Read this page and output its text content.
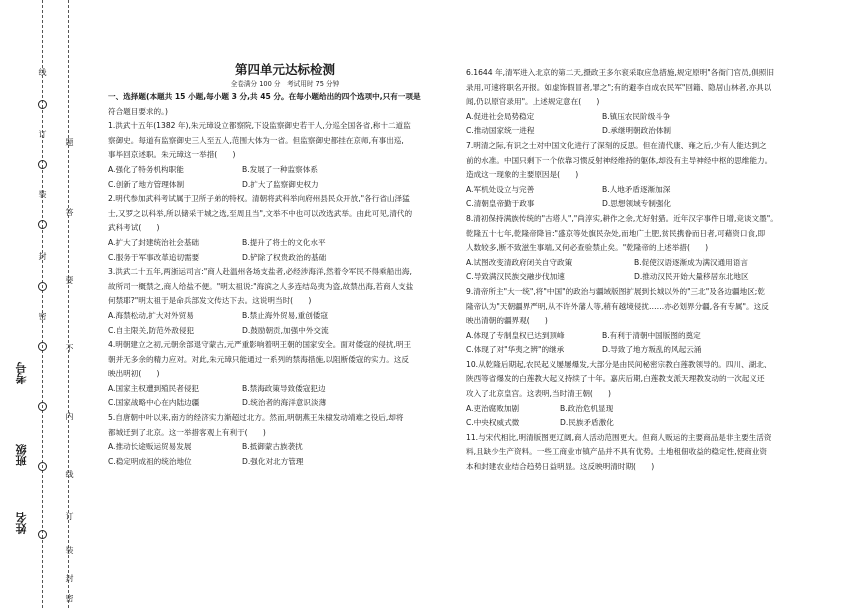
线
订
装
封
密
题
答
要
不
内
线
订
装
封
密
考号
班级
姓名

第四单元达标检测

全卷满分 100 分　考试用时 75 分钟

一、选择题(本题共 15 小题,每小题 3 分,共 45 分。在每小题给出的四个选项中,只有一项是

符合题目要求的。)

1.洪武十五年(1382 年),朱元璋设立都察院,下设监察御史若干人,分巡全国各省,称十二道监

察御史。每道有监察御史三人至五人,范围大体为一省。但监察御史都挂在京师,有事出巡,

事毕回京述职。朱元璋这一举措(　　)

A.强化了特务机构职能	B.发展了一种监察体系
C.创新了地方管理体制	D.扩大了监察御史权力

2.明代参加武科考试属于卫所子弟的特权。清朝将武科举向府州县民众开放,"各行省山泽猛

士,又罗之以科举,所以储采干城之选,至周且当",文举不中也可以改选武举。由此可见,清代的

武科考试(　　)

A.扩大了封建统治社会基础	B.提升了将士的文化水平
C.服务于军事改革追切需要	D.铲除了权贵政治的基础

3.洪武二十五年,两浙运司言:"商人赴温州各场支盐者,必经涉海洋,然着令军民不得乘船出海,

故所司一概禁之,商人给盐不便。"明太祖说:"海滨之人多连结岛夷为盗,故禁出海,若商人支盐

何禁耶?"明太祖于是命兵部发文传达下去。这说明当时(　　)

A.海禁松动,扩大对外贸易	B.禁止海外贸易,重创倭寇
C.自主限关,防范外敌侵犯	D.鼓励朝贡,加强中外交流

4.明朝建立之初,元朝余部退守蒙古,元严重影响着明王朝的国家安全。面对倭寇的侵扰,明王

朝并无多余的精力应对。对此,朱元璋只能通过一系列的禁海措施,以阻断倭寇的实力。这反

映出明初(　　)

A.国家主权遭到殖民者侵犯	B.禁海政策导致倭寇犯边
C.国家战略中心在内陆边疆	D.统治者的海洋意识淡薄

5.自唐朝中叶以来,南方的经济实力渐超过北方。然而,明朝燕王朱棣发动靖难之役后,却将

都城迁到了北京。这一举措客观上有利于(　　)

A.推动长途贩运贸易发展	B.抵御蒙古族袭扰
C.稳定明成祖的统治地位	D.强化对北方管理

6.1644 年,清军进入北京的第二天,摄政王多尔衮采取应急措施,规定原明"各衙门官员,俱照旧

录用,可速将职名开报。如虚饰假冒者,罪之";有的避李自成农民军"回籍、隐居山林者,亦具以

闻,仍以原官录用"。上述规定意在(　　)

A.促进社会局势稳定	B.镇压农民阶级斗争
C.推动国家统一进程	D.承继明朝政治体制

7.明清之际,有识之士对中国文化进行了深刻的反思。但在清代康、雍之后,少有人能达到之

前的水准。中国只剩下一个依靠习惯反射神经维持的躯体,却没有主导神经中枢的思维能力。

造成这一现象的主要原因是(　　)

A.军机处设立与完善	B.人地矛盾逐渐加深
C.清朝皇帝勤于政事	D.思想领域专制强化

8.清初保持满族传统的"古塔人","尚淳实,耕作之余,尤好射猎。近年汉字事件日增,竞谈文墨"。

乾隆五十七年,乾隆帝降旨:"盛京等处旗民杂处,而地广土肥,贫民携眷而日者,可藉资口食,即

人数较多,断不致滋生事端,又何必查验禁止矣。"乾隆帝的上述举措(　　)

A.试图改变清政府闭关自守政策	B.促使汉语逐渐成为满汉通用语言
C.导致满汉民族交融步伐加速	D.推动汉民开始大量移居东北地区

9.清帝所主"大一统",将"中国"的政治与疆域版图扩展到长城以外的"三北"及各边疆地区;乾

隆帝认为"天朝疆界严明,从不许外藩人等,稍有越境侵扰……亦必划界分疆,各有专属"。这反

映出清朝的疆界观(　　)

A.体现了专制皇权已达到顶峰	B.有利于清朝中国版图的奠定
C.体现了对"华夷之辨"的继承	D.导致了地方叛乱的风起云涌

10.从乾隆后期起,农民起义屡屡爆发,大部分是由民间秘密宗教白莲教领导的。四川、湖北、

陕西等省爆发的白莲教大起义持续了十年。嘉庆后期,白莲教支派天理教发动的一次起义还

攻入了北京皇宫。这表明,当时清王朝(　　)

A.吏治腐败加剧	B.政治危机显现
C.中央权威式微	D.民族矛盾激化

11.与宋代相比,明清版图更辽阔,商人活动范围更大。但商人贩运的主要商品是非主要生活资

料,且缺少生产资料。一些工商业市镇产品并不具有优势。土地租佃收益的稳定性,使商业资

本和封建农业结合趋势日益明显。这反映明清时期(　　)
